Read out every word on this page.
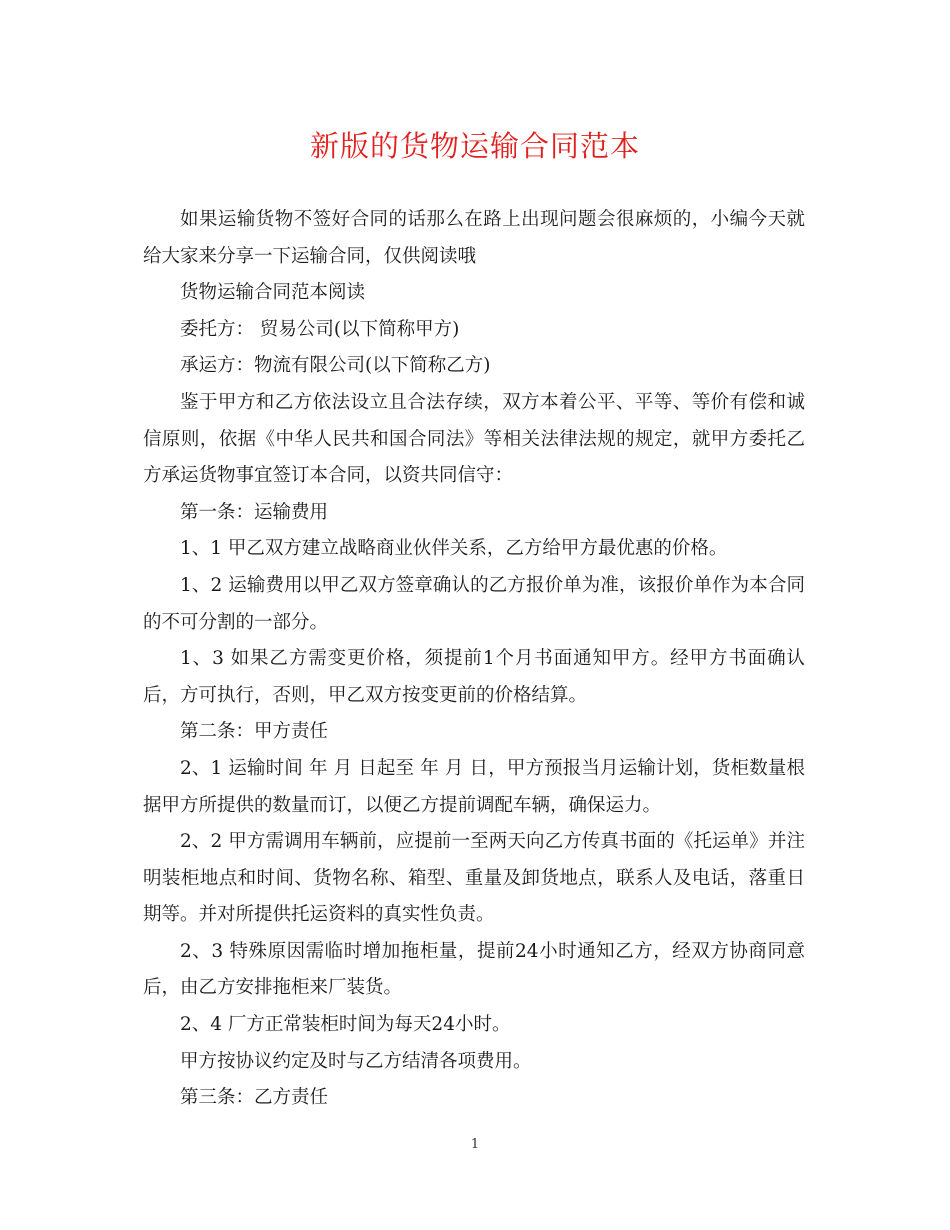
新版的货物运输合同范本

如果运输货物不签好合同的话那么在路上出现问题会很麻烦的，小编今天就给大家来分享一下运输合同，仅供阅读哦

货物运输合同范本阅读

委托方： 贸易公司(以下简称甲方)

承运方：物流有限公司(以下简称乙方)

鉴于甲方和乙方依法设立且合法存续，双方本着公平、平等、等价有偿和诚信原则，依据《中华人民共和国合同法》等相关法律法规的规定，就甲方委托乙方承运货物事宜签订本合同，以资共同信守：

第一条：运输费用

1、1 甲乙双方建立战略商业伙伴关系，乙方给甲方最优惠的价格。

1、2 运输费用以甲乙双方签章确认的乙方报价单为准，该报价单作为本合同的不可分割的一部分。

1、3 如果乙方需变更价格，须提前1个月书面通知甲方。经甲方书面确认后，方可执行，否则，甲乙双方按变更前的价格结算。

第二条：甲方责任

2、1 运输时间 年 月 日起至 年 月 日，甲方预报当月运输计划，货柜数量根据甲方所提供的数量而订，以便乙方提前调配车辆，确保运力。

2、2 甲方需调用车辆前，应提前一至两天向乙方传真书面的《托运单》并注明装柜地点和时间、货物名称、箱型、重量及卸货地点，联系人及电话，落重日期等。并对所提供托运资料的真实性负责。

2、3 特殊原因需临时增加拖柜量，提前24小时通知乙方，经双方协商同意后，由乙方安排拖柜来厂装货。

2、4 厂方正常装柜时间为每天24小时。

甲方按协议约定及时与乙方结清各项费用。

第三条：乙方责任

1
